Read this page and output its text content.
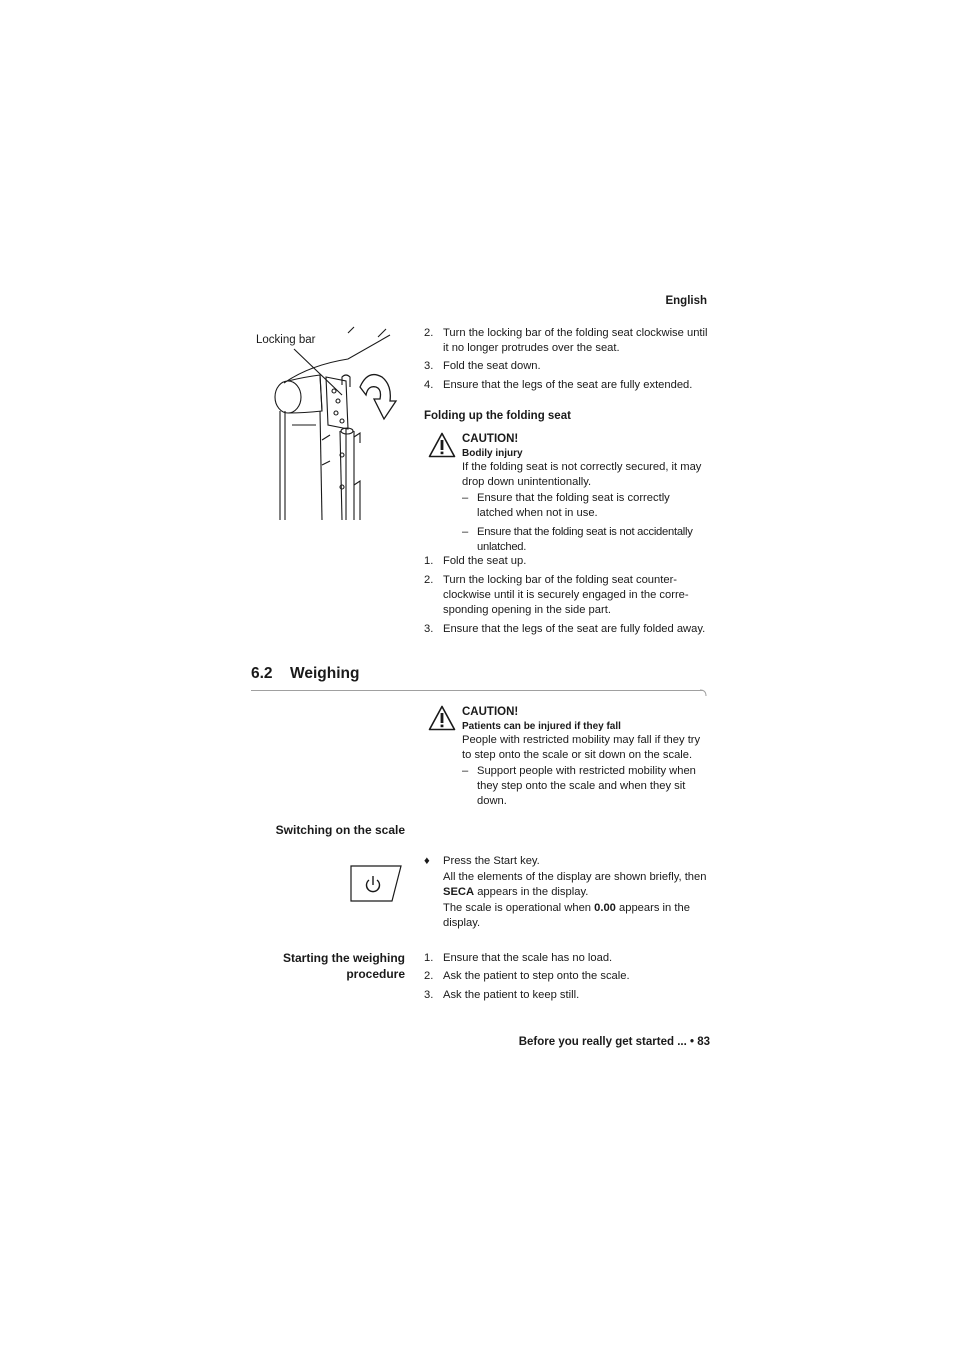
English
Locking bar
2. Turn the locking bar of the folding seat clockwise until it no longer protrudes over the seat.
3. Fold the seat down.
4. Ensure that the legs of the seat are fully extended.
Folding up the folding seat
CAUTION!
Bodily injury
If the folding seat is not correctly secured, it may drop down unintentionally.
– Ensure that the folding seat is correctly latched when not in use.
– Ensure that the folding seat is not accidentally unlatched.
1. Fold the seat up.
2. Turn the locking bar of the folding seat counter-clockwise until it is securely engaged in the corre-sponding opening in the side part.
3. Ensure that the legs of the seat are fully folded away.
6.2 Weighing
CAUTION!
Patients can be injured if they fall
People with restricted mobility may fall if they try to step onto the scale or sit down on the scale.
– Support people with restricted mobility when they step onto the scale and when they sit down.
Switching on the scale
♦ Press the Start key.
All the elements of the display are shown briefly, then SECA appears in the display.
The scale is operational when 0.00 appears in the display.
Starting the weighing
procedure
1. Ensure that the scale has no load.
2. Ask the patient to step onto the scale.
3. Ask the patient to keep still.
Before you really get started ... • 83
